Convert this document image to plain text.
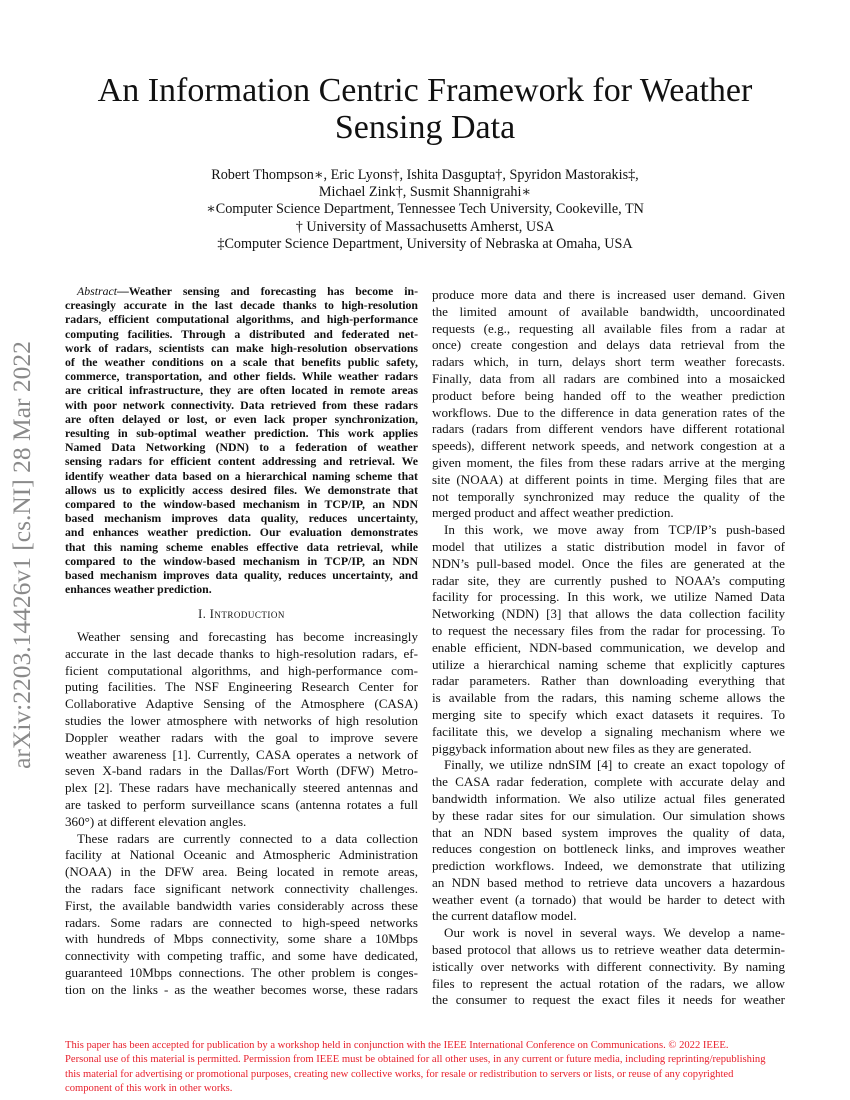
arXiv:2203.14426v1 [cs.NI] 28 Mar 2022
An Information Centric Framework for Weather
Sensing Data
Robert Thompson∗, Eric Lyons†, Ishita Dasgupta†, Spyridon Mastorakis‡,
Michael Zink†, Susmit Shannigrahi∗
∗Computer Science Department, Tennessee Tech University, Cookeville, TN
† University of Massachusetts Amherst, USA
‡Computer Science Department, University of Nebraska at Omaha, USA
Abstract—Weather sensing and forecasting has become in-
creasingly accurate in the last decade thanks to high-resolution
radars, efficient computational algorithms, and high-performance
computing facilities. Through a distributed and federated net-
work of radars, scientists can make high-resolution observations
of the weather conditions on a scale that benefits public safety,
commerce, transportation, and other fields. While weather radars
are critical infrastructure, they are often located in remote areas
with poor network connectivity. Data retrieved from these radars
are often delayed or lost, or even lack proper synchronization,
resulting in sub-optimal weather prediction. This work applies
Named Data Networking (NDN) to a federation of weather
sensing radars for efficient content addressing and retrieval. We
identify weather data based on a hierarchical naming scheme that
allows us to explicitly access desired files. We demonstrate that
compared to the window-based mechanism in TCP/IP, an NDN
based mechanism improves data quality, reduces uncertainty,
and enhances weather prediction. Our evaluation demonstrates
that this naming scheme enables effective data retrieval, while
compared to the window-based mechanism in TCP/IP, an NDN
based mechanism improves data quality, reduces uncertainty, and
enhances weather prediction.
I. Introduction
Weather sensing and forecasting has become increasingly
accurate in the last decade thanks to high-resolution radars, ef-
ficient computational algorithms, and high-performance com-
puting facilities. The NSF Engineering Research Center for
Collaborative Adaptive Sensing of the Atmosphere (CASA)
studies the lower atmosphere with networks of high resolution
Doppler weather radars with the goal to improve severe
weather awareness [1]. Currently, CASA operates a network of
seven X-band radars in the Dallas/Fort Worth (DFW) Metro-
plex [2]. These radars have mechanically steered antennas and
are tasked to perform surveillance scans (antenna rotates a full
360°) at different elevation angles.
These radars are currently connected to a data collection
facility at National Oceanic and Atmospheric Administration
(NOAA) in the DFW area. Being located in remote areas,
the radars face significant network connectivity challenges.
First, the available bandwidth varies considerably across these
radars. Some radars are connected to high-speed networks
with hundreds of Mbps connectivity, some share a 10Mbps
connectivity with competing traffic, and some have dedicated,
guaranteed 10Mbps connections. The other problem is conges-
tion on the links - as the weather becomes worse, these radars
produce more data and there is increased user demand. Given
the limited amount of available bandwidth, uncoordinated
requests (e.g., requesting all available files from a radar at
once) create congestion and delays data retrieval from the
radars which, in turn, delays short term weather forecasts.
Finally, data from all radars are combined into a mosaicked
product before being handed off to the weather prediction
workflows. Due to the difference in data generation rates of the
radars (radars from different vendors have different rotational
speeds), different network speeds, and network congestion at a
given moment, the files from these radars arrive at the merging
site (NOAA) at different points in time. Merging files that are
not temporally synchronized may reduce the quality of the
merged product and affect weather prediction.
In this work, we move away from TCP/IP’s push-based
model that utilizes a static distribution model in favor of
NDN’s pull-based model. Once the files are generated at the
radar site, they are currently pushed to NOAA’s computing
facility for processing. In this work, we utilize Named Data
Networking (NDN) [3] that allows the data collection facility
to request the necessary files from the radar for processing. To
enable efficient, NDN-based communication, we develop and
utilize a hierarchical naming scheme that explicitly captures
radar parameters. Rather than downloading everything that
is available from the radars, this naming scheme allows the
merging site to specify which exact datasets it requires. To
facilitate this, we develop a signaling mechanism where we
piggyback information about new files as they are generated.
Finally, we utilize ndnSIM [4] to create an exact topology of
the CASA radar federation, complete with accurate delay and
bandwidth information. We also utilize actual files generated
by these radar sites for our simulation. Our simulation shows
that an NDN based system improves the quality of data,
reduces congestion on bottleneck links, and improves weather
prediction workflows. Indeed, we demonstrate that utilizing
an NDN based method to retrieve data uncovers a hazardous
weather event (a tornado) that would be harder to detect with
the current dataflow model.
Our work is novel in several ways. We develop a name-
based protocol that allows us to retrieve weather data determin-
istically over networks with different connectivity. By naming
files to represent the actual rotation of the radars, we allow
the consumer to request the exact files it needs for weather
This paper has been accepted for publication by a workshop held in conjunction with the IEEE International Conference on Communications. © 2022 IEEE.
Personal use of this material is permitted. Permission from IEEE must be obtained for all other uses, in any current or future media, including reprinting/republishing
this material for advertising or promotional purposes, creating new collective works, for resale or redistribution to servers or lists, or reuse of any copyrighted
component of this work in other works.
